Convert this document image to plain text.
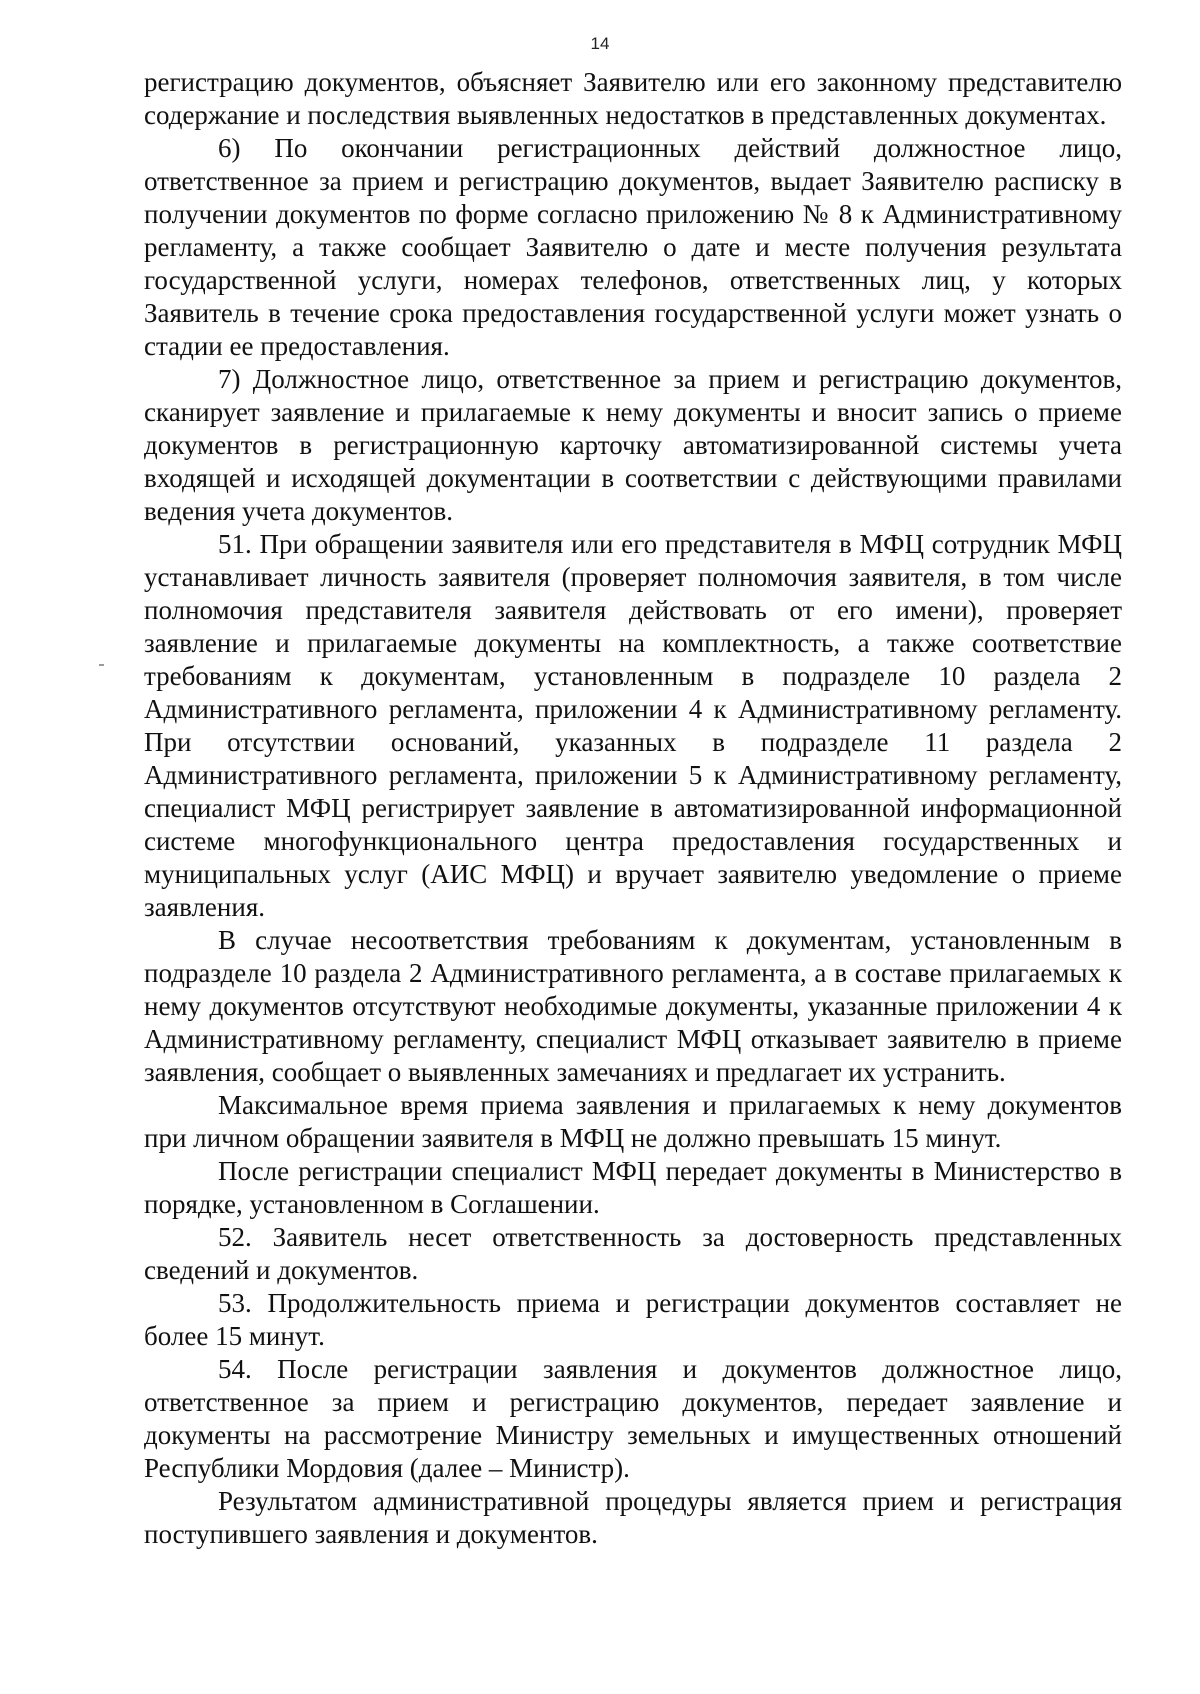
14

регистрацию документов, объясняет Заявителю или его законному представителю содержание и последствия выявленных недостатков в представленных документах.

6) По окончании регистрационных действий должностное лицо, ответственное за прием и регистрацию документов, выдает Заявителю расписку в получении документов по форме согласно приложению № 8 к Административному регламенту, а также сообщает Заявителю о дате и месте получения результата государственной услуги, номерах телефонов, ответственных лиц, у которых Заявитель в течение срока предоставления государственной услуги может узнать о стадии ее предоставления.

7) Должностное лицо, ответственное за прием и регистрацию документов, сканирует заявление и прилагаемые к нему документы и вносит запись о приеме документов в регистрационную карточку автоматизированной системы учета входящей и исходящей документации в соответствии с действующими правилами ведения учета документов.

51. При обращении заявителя или его представителя в МФЦ сотрудник МФЦ устанавливает личность заявителя (проверяет полномочия заявителя, в том числе полномочия представителя заявителя действовать от его имени), проверяет заявление и прилагаемые документы на комплектность, а также соответствие требованиям к документам, установленным в подразделе 10 раздела 2 Административного регламента, приложении 4 к Административному регламенту. При отсутствии оснований, указанных в подразделе 11 раздела 2 Административного регламента, приложении 5 к Административному регламенту, специалист МФЦ регистрирует заявление в автоматизированной информационной системе многофункционального центра предоставления государственных и муниципальных услуг (АИС МФЦ) и вручает заявителю уведомление о приеме заявления.

В случае несоответствия требованиям к документам, установленным в подразделе 10 раздела 2 Административного регламента, а в составе прилагаемых к нему документов отсутствуют необходимые документы, указанные приложении 4 к Административному регламенту, специалист МФЦ отказывает заявителю в приеме заявления, сообщает о выявленных замечаниях и предлагает их устранить.

Максимальное время приема заявления и прилагаемых к нему документов при личном обращении заявителя в МФЦ не должно превышать 15 минут.

После регистрации специалист МФЦ передает документы в Министерство в порядке, установленном в Соглашении.

52. Заявитель несет ответственность за достоверность представленных сведений и документов.

53. Продолжительность приема и регистрации документов составляет не более 15 минут.

54. После регистрации заявления и документов должностное лицо, ответственное за прием и регистрацию документов, передает заявление и документы на рассмотрение Министру земельных и имущественных отношений Республики Мордовия (далее – Министр).

Результатом административной процедуры является прием и регистрация поступившего заявления и документов.
